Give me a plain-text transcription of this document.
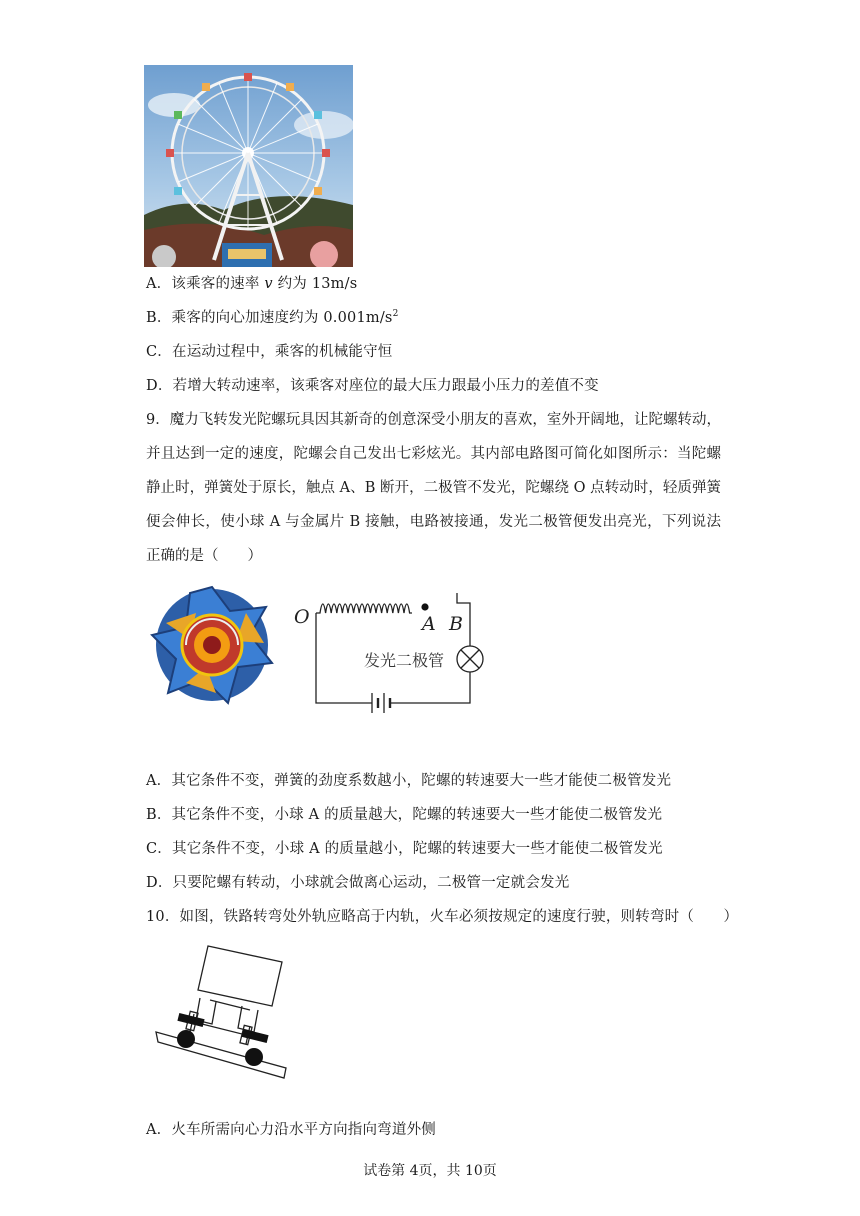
A．该乘客的速率 v 约为 13m/s
B．乘客的向心加速度约为 $0.001m/s^2$
C．在运动过程中，乘客的机械能守恒
D．若增大转动速率，该乘客对座位的最大压力跟最小压力的差值不变
9．魔力飞转发光陀螺玩具因其新奇的创意深受小朋友的喜欢，室外开阔地，让陀螺转动，并且达到一定的速度，陀螺会自己发出七彩炫光。其内部电路图可简化如图所示：当陀螺静止时，弹簧处于原长，触点 A、B 断开，二极管不发光，陀螺绕 O 点转动时，轻质弹簧便会伸长，使小球 A 与金属片 B 接触，电路被接通，发光二极管便发出亮光，下列说法正确的是（　　）
O	A B
发光二极管
A．其它条件不变，弹簧的劲度系数越小，陀螺的转速要大一些才能使二极管发光
B．其它条件不变，小球 A 的质量越大，陀螺的转速要大一些才能使二极管发光
C．其它条件不变，小球 A 的质量越小，陀螺的转速要大一些才能使二极管发光
D．只要陀螺有转动，小球就会做离心运动，二极管一定就会发光
10．如图，铁路转弯处外轨应略高于内轨，火车必须按规定的速度行驶，则转弯时（　　）
A．火车所需向心力沿水平方向指向弯道外侧
试卷第 4页，共 10页
